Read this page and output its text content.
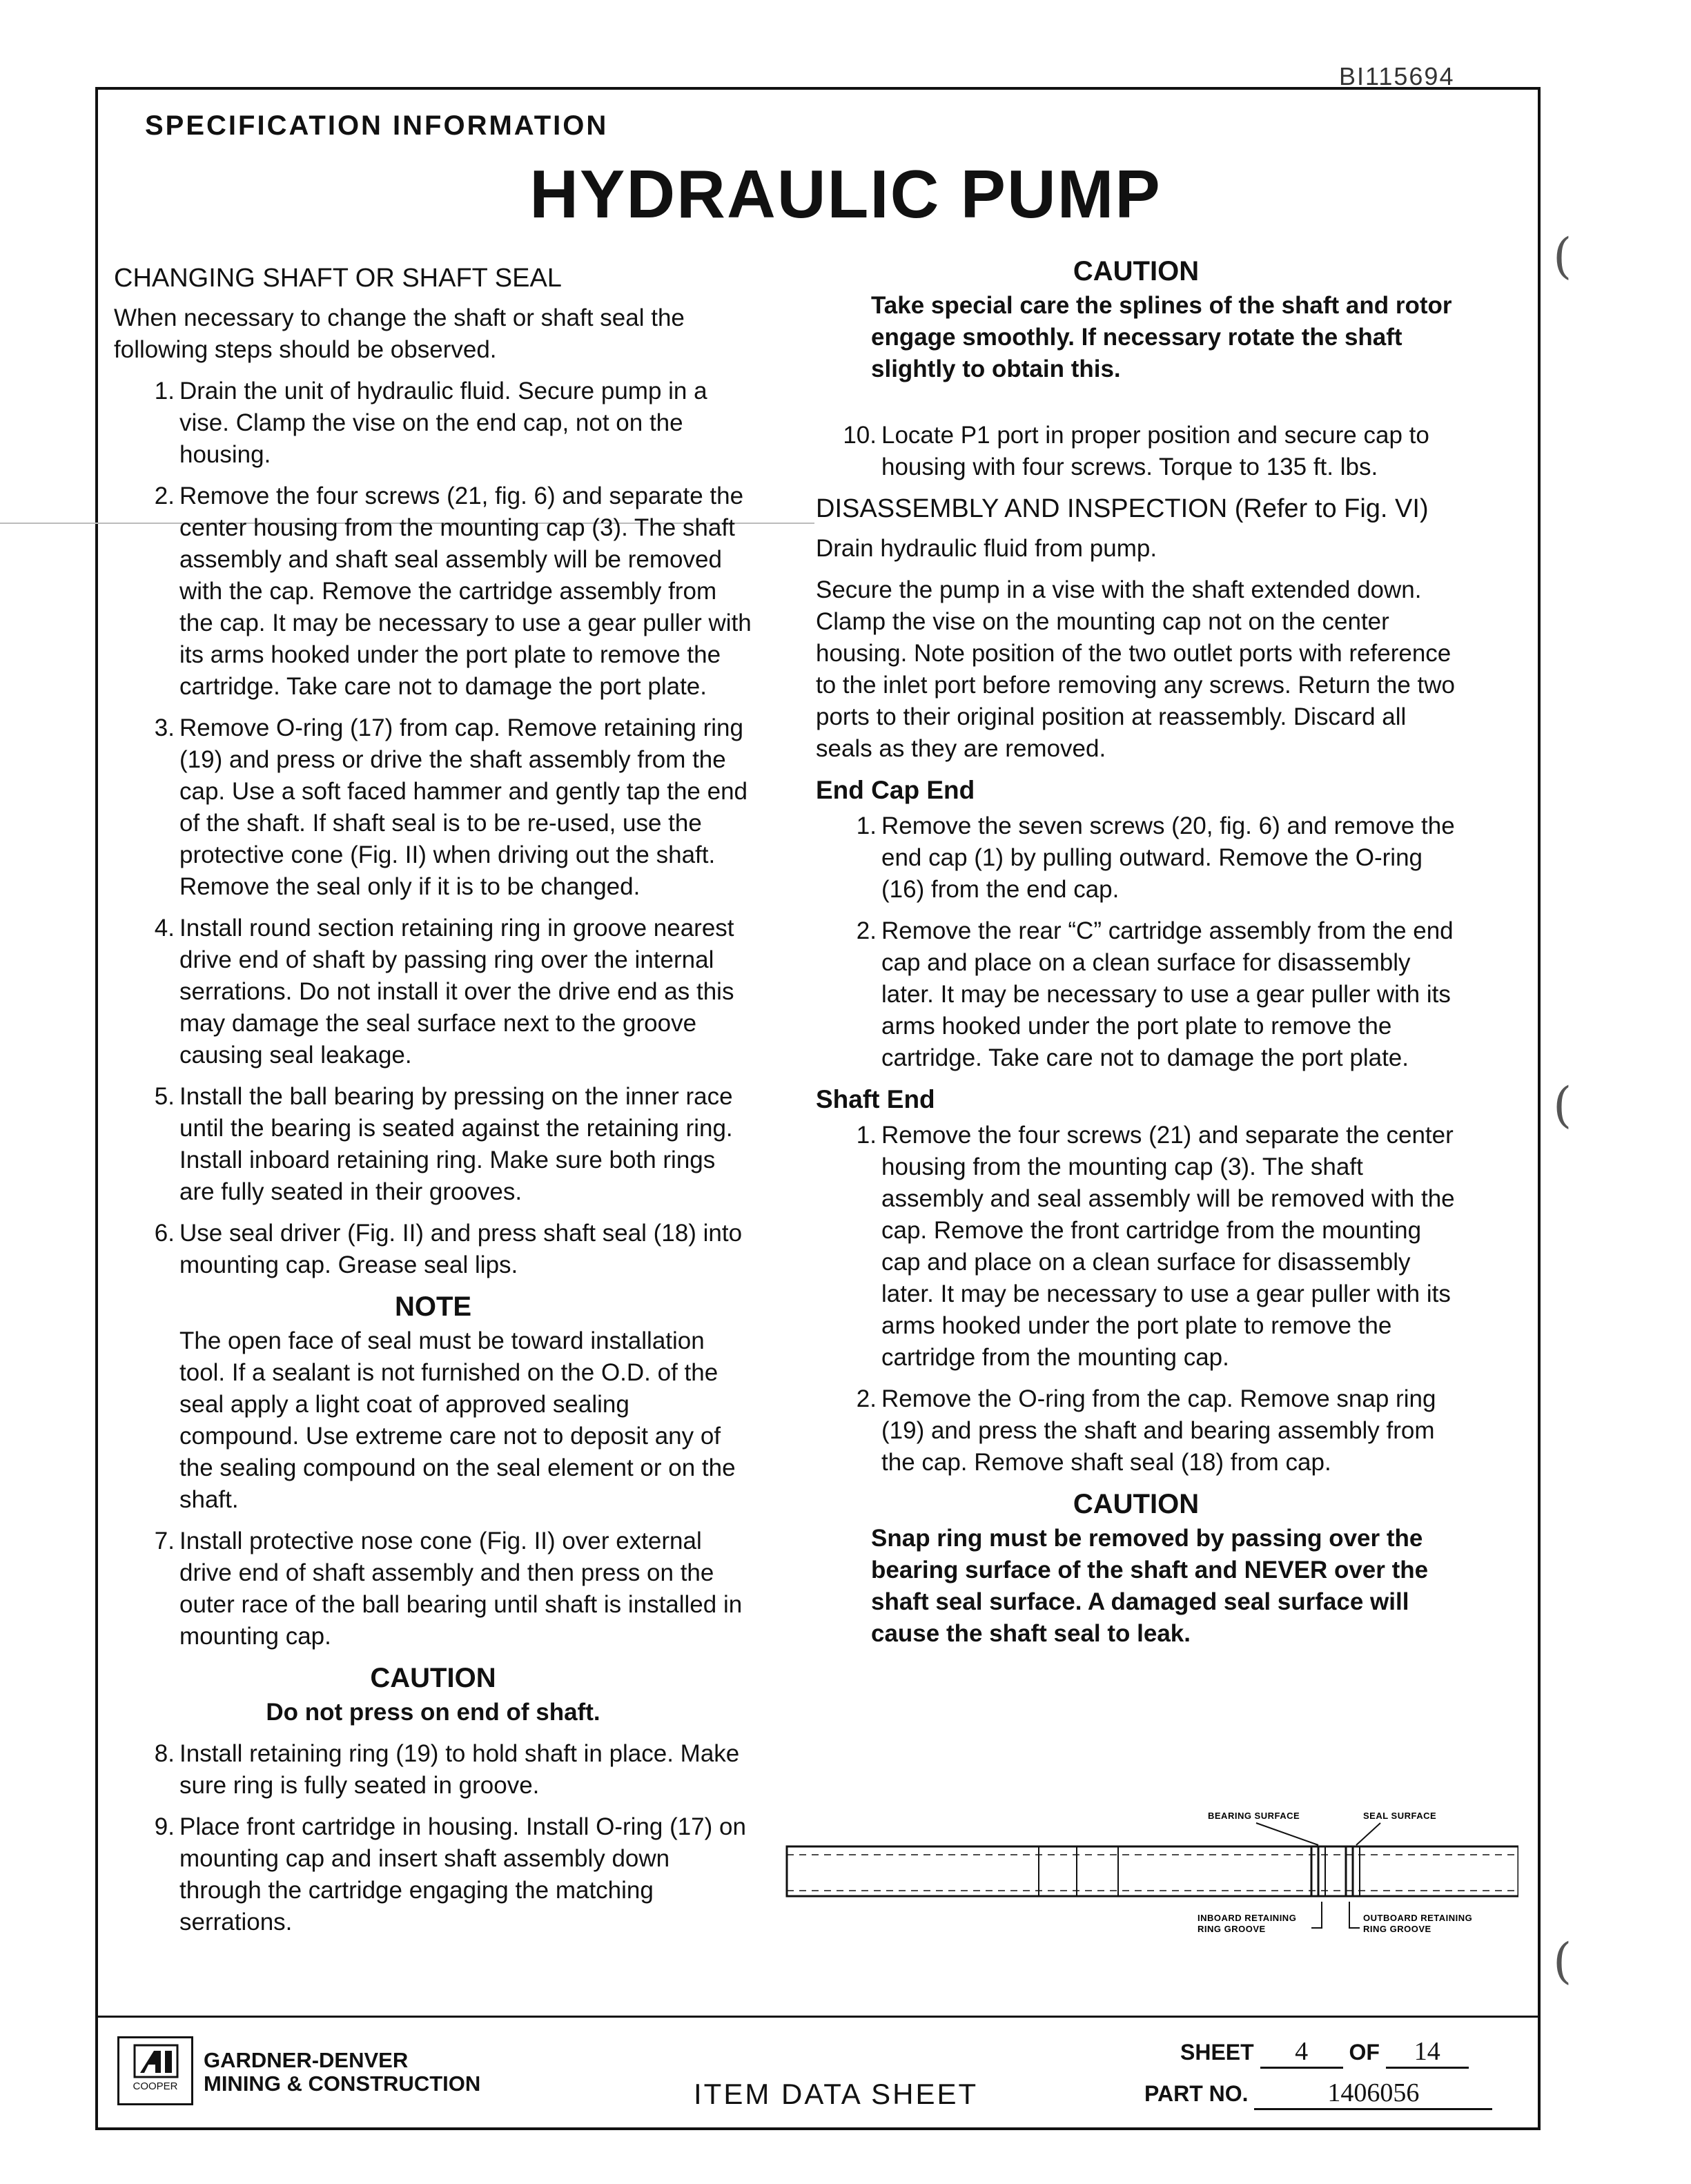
BI115694
SPECIFICATION INFORMATION
HYDRAULIC PUMP

CHANGING SHAFT OR SHAFT SEAL

When necessary to change the shaft or shaft seal the following steps should be observed.

1. Drain the unit of hydraulic fluid. Secure pump in a vise. Clamp the vise on the end cap, not on the housing.
2. Remove the four screws (21, fig. 6) and separate the center housing from the mounting cap (3). The shaft assembly and shaft seal assembly will be removed with the cap. Remove the cartridge assembly from the cap. It may be necessary to use a gear puller with its arms hooked under the port plate to remove the cartridge. Take care not to damage the port plate.
3. Remove O-ring (17) from cap. Remove retaining ring (19) and press or drive the shaft assembly from the cap. Use a soft faced hammer and gently tap the end of the shaft. If shaft seal is to be re-used, use the protective cone (Fig. II) when driving out the shaft. Remove the seal only if it is to be changed.
4. Install round section retaining ring in groove nearest drive end of shaft by passing ring over the internal serrations. Do not install it over the drive end as this may damage the seal surface next to the groove causing seal leakage.
5. Install the ball bearing by pressing on the inner race until the bearing is seated against the retaining ring. Install inboard retaining ring. Make sure both rings are fully seated in their grooves.
6. Use seal driver (Fig. II) and press shaft seal (18) into mounting cap. Grease seal lips.

NOTE

The open face of seal must be toward installation tool. If a sealant is not furnished on the O.D. of the seal apply a light coat of approved sealing compound. Use extreme care not to deposit any of the sealing compound on the seal element or on the shaft.

7. Install protective nose cone (Fig. II) over external drive end of shaft assembly and then press on the outer race of the ball bearing until shaft is installed in mounting cap.

CAUTION

Do not press on end of shaft.

8. Install retaining ring (19) to hold shaft in place. Make sure ring is fully seated in groove.
9. Place front cartridge in housing. Install O-ring (17) on mounting cap and insert shaft assembly down through the cartridge engaging the matching serrations.

CAUTION

Take special care the splines of the shaft and rotor engage smoothly. If necessary rotate the shaft slightly to obtain this.

10. Locate P1 port in proper position and secure cap to housing with four screws. Torque to 135 ft. lbs.

DISASSEMBLY AND INSPECTION (Refer to Fig. VI)

Drain hydraulic fluid from pump.

Secure the pump in a vise with the shaft extended down. Clamp the vise on the mounting cap not on the center housing. Note position of the two outlet ports with reference to the inlet port before removing any screws. Return the two ports to their original position at reassembly. Discard all seals as they are removed.

End Cap End

1. Remove the seven screws (20, fig. 6) and remove the end cap (1) by pulling outward. Remove the O-ring (16) from the end cap.
2. Remove the rear “C” cartridge assembly from the end cap and place on a clean surface for disassembly later. It may be necessary to use a gear puller with its arms hooked under the port plate to remove the cartridge. Take care not to damage the port plate.

Shaft End

1. Remove the four screws (21) and separate the center housing from the mounting cap (3). The shaft assembly and seal assembly will be removed with the cap. Remove the front cartridge from the mounting cap and place on a clean surface for disassembly later. It may be necessary to use a gear puller with its arms hooked under the port plate to remove the cartridge from the mounting cap.
2. Remove the O-ring from the cap. Remove snap ring (19) and press the shaft and bearing assembly from the cap. Remove shaft seal (18) from cap.

CAUTION

Snap ring must be removed by passing over the bearing surface of the shaft and NEVER over the shaft seal surface. A damaged seal surface will cause the shaft seal to leak.

BEARING SURFACE	SEAL SURFACE
INBOARD RETAINING
RING GROOVE
OUTBOARD RETAINING
RING GROOVE
COOPER
GARDNER-DENVER
MINING & CONSTRUCTION	ITEM DATA SHEET
SHEET 4 OF 14
PART NO.	1406056
(
(
(
